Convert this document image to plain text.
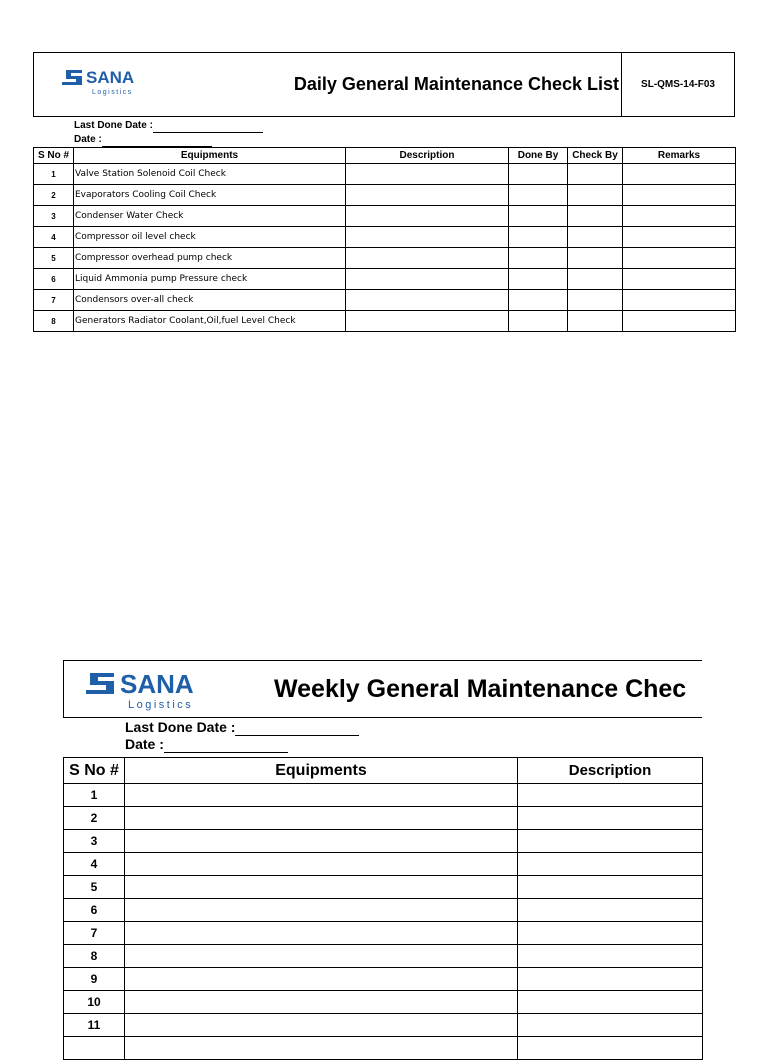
SANA
Logistics	Daily General Maintenance Check List	SL-QMS-14-F03
Last Done Date :
Date :
S No #	Equipments	Description	Done By	Check By	Remarks
1	Valve Station Solenoid Coil Check				
2	Evaporators Cooling Coil Check				
3	Condenser Water Check				
4	Compressor oil level check				
5	Compressor overhead pump check				
6	Liquid Ammonia pump Pressure check				
7	Condensors over-all check				
8	Generators Radiator Coolant,Oil,fuel Level Check				
SANA
Logistics
Weekly General Maintenance Chec
Last Done Date :
Date :
S No #	Equipments	Description
1		
2		
3		
4		
5		
6		
7		
8		
9		
10		
11		
